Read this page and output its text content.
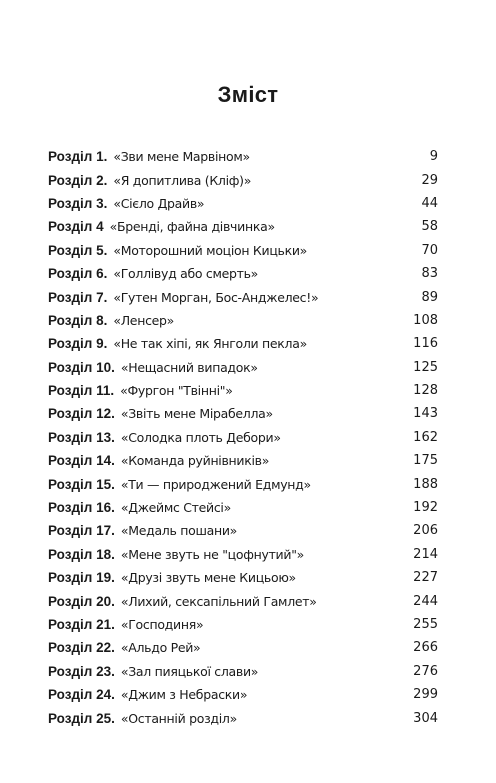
Зміст
Розділ 1. «Зви мене Марвіном»	9
Розділ 2. «Я допитлива (Кліф)»	29
Розділ 3. «Сієло Драйв»	44
Розділ 4 «Бренді, файна дівчинка»	58
Розділ 5. «Моторошний моціон Кицьки»	70
Розділ 6. «Голлівуд або смерть»	83
Розділ 7. «Гутен Морган, Бос-Анджелес!»	89
Розділ 8. «Ленсер»	108
Розділ 9. «Не так хіпі, як Янголи пекла»	116
Розділ 10. «Нещасний випадок»	125
Розділ 11. «Фургон "Твінні"»	128
Розділ 12. «Звіть мене Мірабелла»	143
Розділ 13. «Солодка плоть Дебори»	162
Розділ 14. «Команда руйнівників»	175
Розділ 15. «Ти — природжений Едмунд»	188
Розділ 16. «Джеймс Стейсі»	192
Розділ 17. «Медаль пошани»	206
Розділ 18. «Мене звуть не "цофнутий"»	214
Розділ 19. «Друзі звуть мене Кицьою»	227
Розділ 20. «Лихий, сексапільний Гамлет»	244
Розділ 21. «Господиня»	255
Розділ 22. «Альдо Рей»	266
Розділ 23. «Зал пияцької слави»	276
Розділ 24. «Джим з Небраски»	299
Розділ 25. «Останній розділ»	304
